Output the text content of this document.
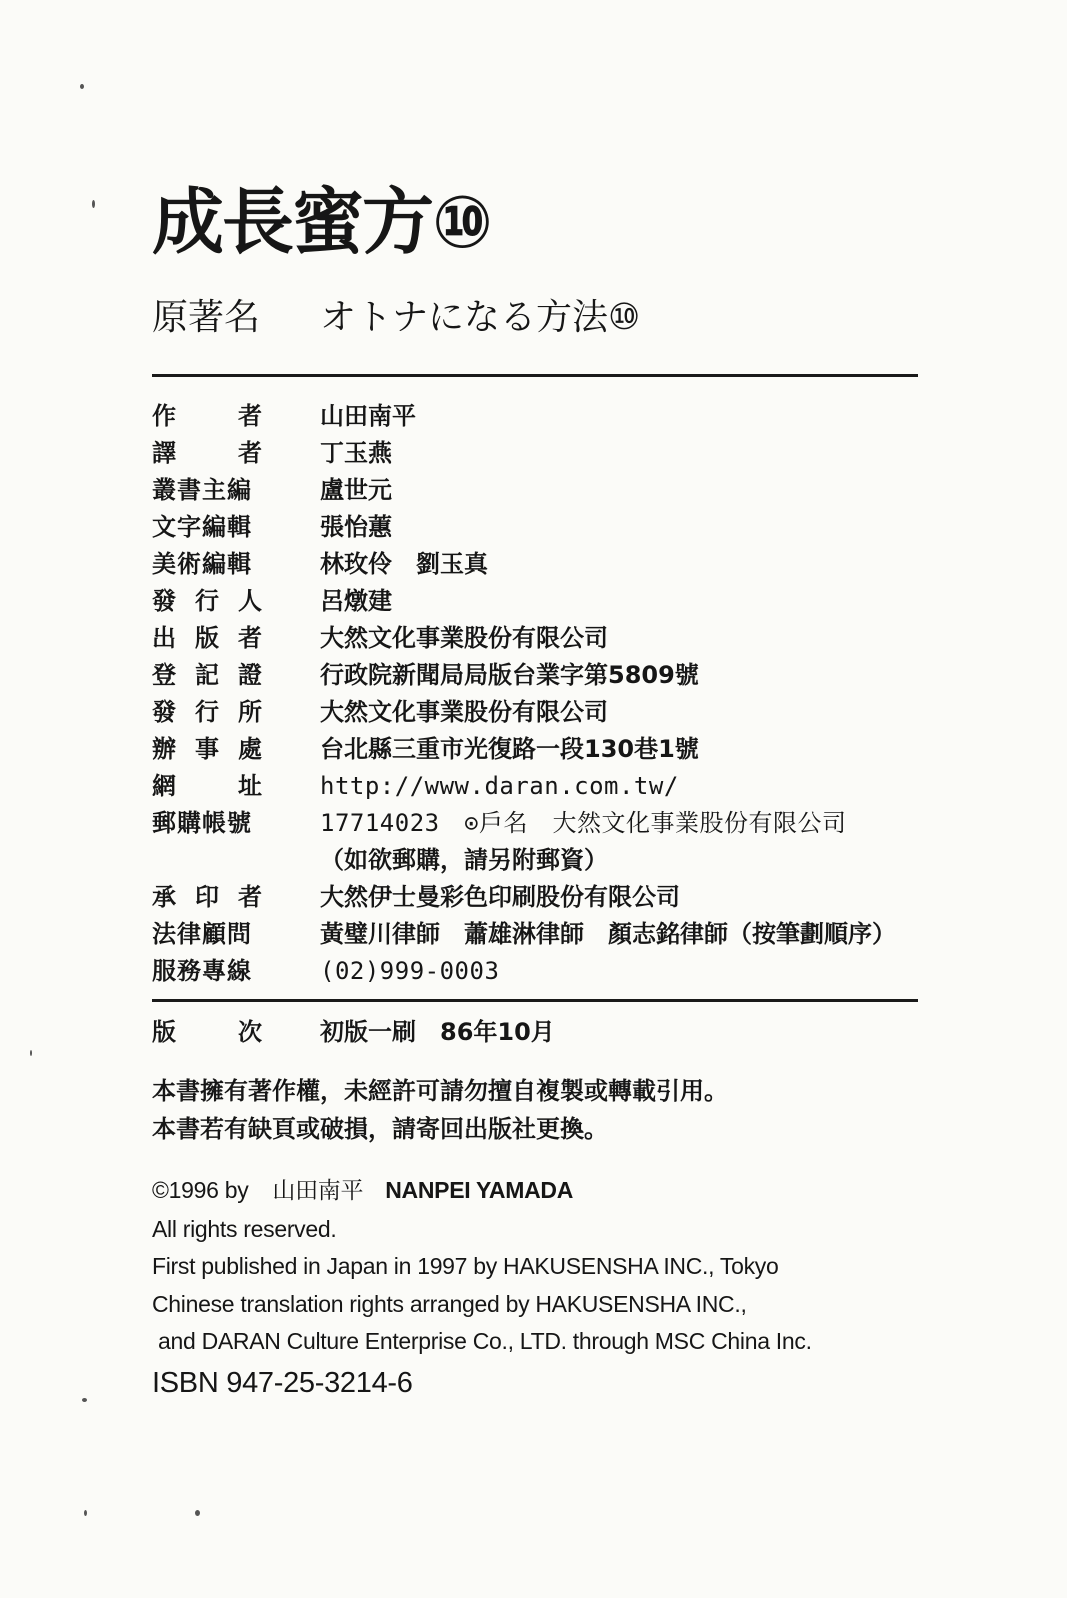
成長蜜方⑩
原著名 オトナになる方法⑩
作	者 山田南平
譯	者 丁玉燕
叢書主編	盧世元
文字編輯	張怡蕙
美術編輯	林玫伶　劉玉真
發 行 人 呂燉建
出 版 者 大然文化事業股份有限公司
登 記 證 行政院新聞局局版台業字第5809號
發 行 所 大然文化事業股份有限公司
辦 事 處 台北縣三重市光復路一段130巷1號
網	址 http://www.daran.com.tw/
郵購帳號	17714023　⊙戶名　大然文化事業股份有限公司
（如欲郵購，請另附郵資）
承 印 者 大然伊士曼彩色印刷股份有限公司
法律顧問	黃璧川律師　蕭雄淋律師　顏志銘律師（按筆劃順序）
服務專線	(02)999-0003
版	次 初版一刷　86年10月
本書擁有著作權，未經許可請勿擅自複製或轉載引用。
本書若有缺頁或破損，請寄回出版社更換。
©1996 by 山田南平 NANPEI YAMADA
All rights reserved.
First published in Japan in 1997 by HAKUSENSHA INC., Tokyo
Chinese translation rights arranged by HAKUSENSHA INC.,
and DARAN Culture Enterprise Co., LTD. through MSC China Inc.
ISBN 947-25-3214-6
